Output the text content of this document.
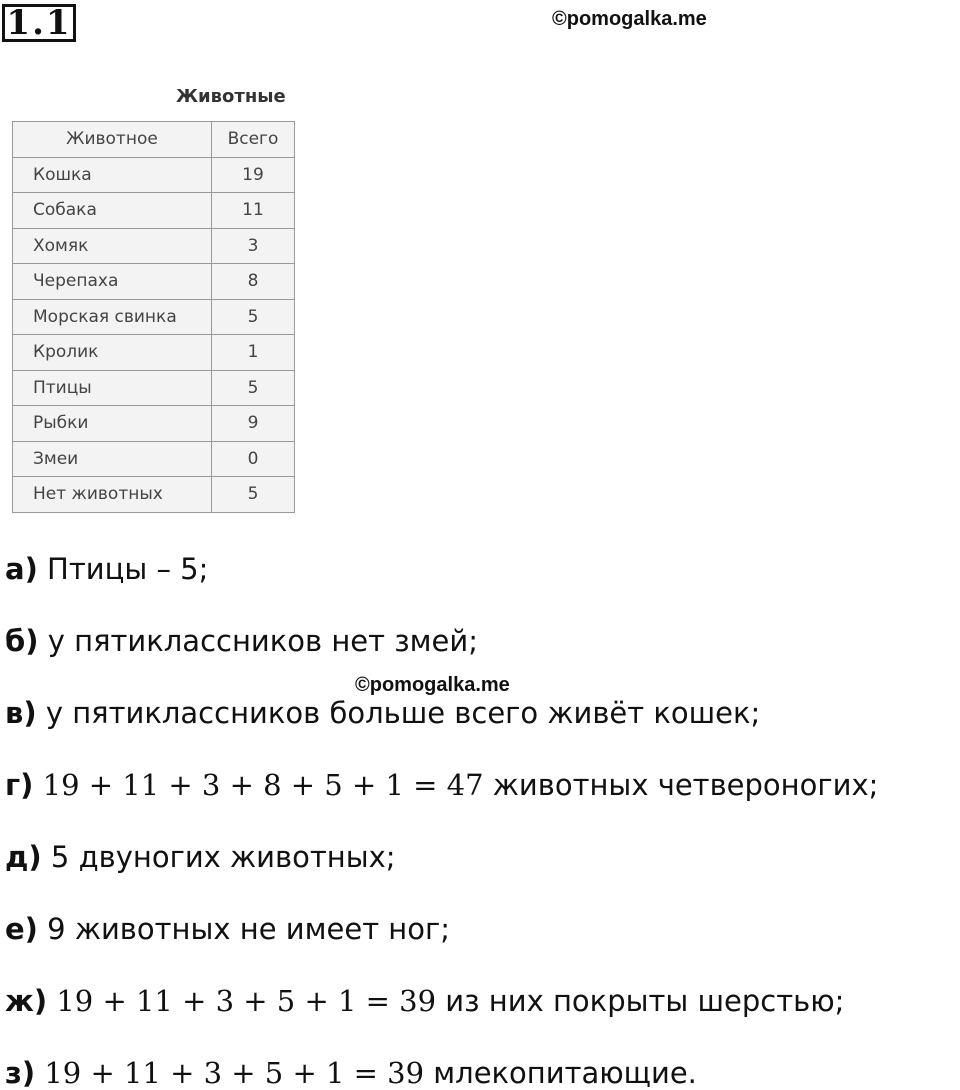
1.1	©pomogalka.me
Животные
Животное	Всего
Кошка	19
Собака	11
Хомяк	3
Черепаха	8
Морская свинка	5
Кролик	1
Птицы	5
Рыбки	9
Змеи	0
Нет животных	5
©pomogalka.me
а) Птицы – 5;
б) у пятиклассников нет змей;
в) у пятиклассников больше всего живёт кошек;
г) 19 + 11 + 3 + 8 + 5 + 1 = 47 животных четвероногих;
д) 5 двуногих животных;
е) 9 животных не имеет ног;
ж) 19 + 11 + 3 + 5 + 1 = 39 из них покрыты шерстью;
з) 19 + 11 + 3 + 5 + 1 = 39 млекопитающие.
